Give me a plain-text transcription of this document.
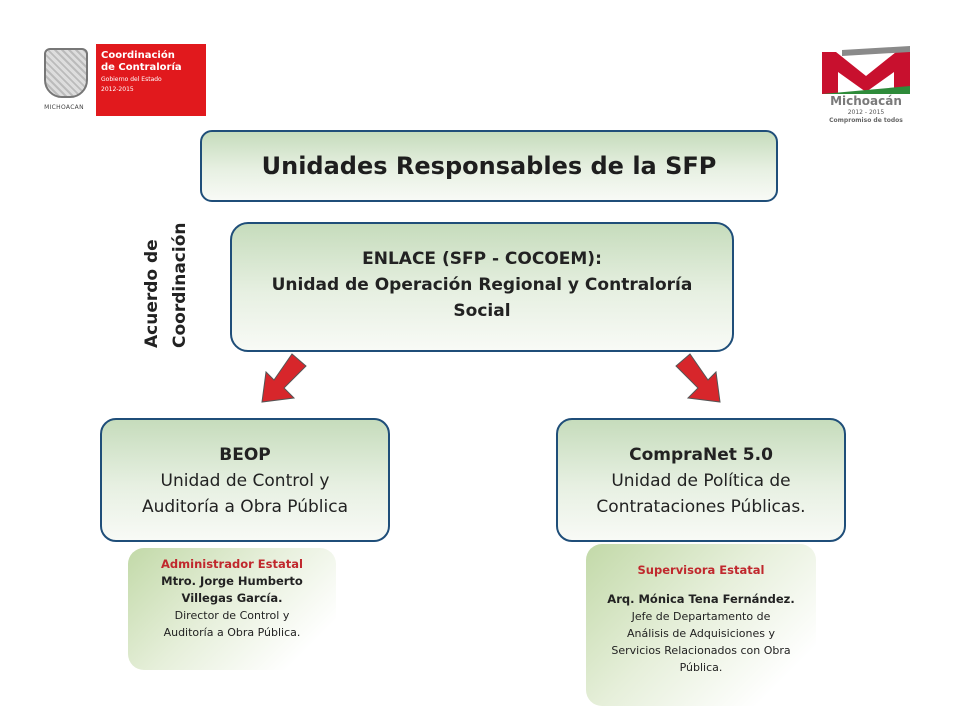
MICHOACAN
Coordinación
de Contraloría
Gobierno del Estado
2012-2015
Michoacán
2012 - 2015
Compromiso de todos
Unidades Responsables de la SFP
Acuerdo de Coordinación	ENLACE (SFP - COCOEM):
Unidad de Operación Regional y Contraloría
Social
BEOP
Unidad de Control y
Auditoría a Obra Pública
CompraNet 5.0
Unidad de Política de
Contrataciones Públicas.
Administrador Estatal
Mtro. Jorge Humberto
Villegas García.
Director de Control y
Auditoría a Obra Pública.
Supervisora Estatal
Arq. Mónica Tena Fernández.
Jefe de Departamento de
Análisis de Adquisiciones y
Servicios Relacionados con Obra
Pública.
